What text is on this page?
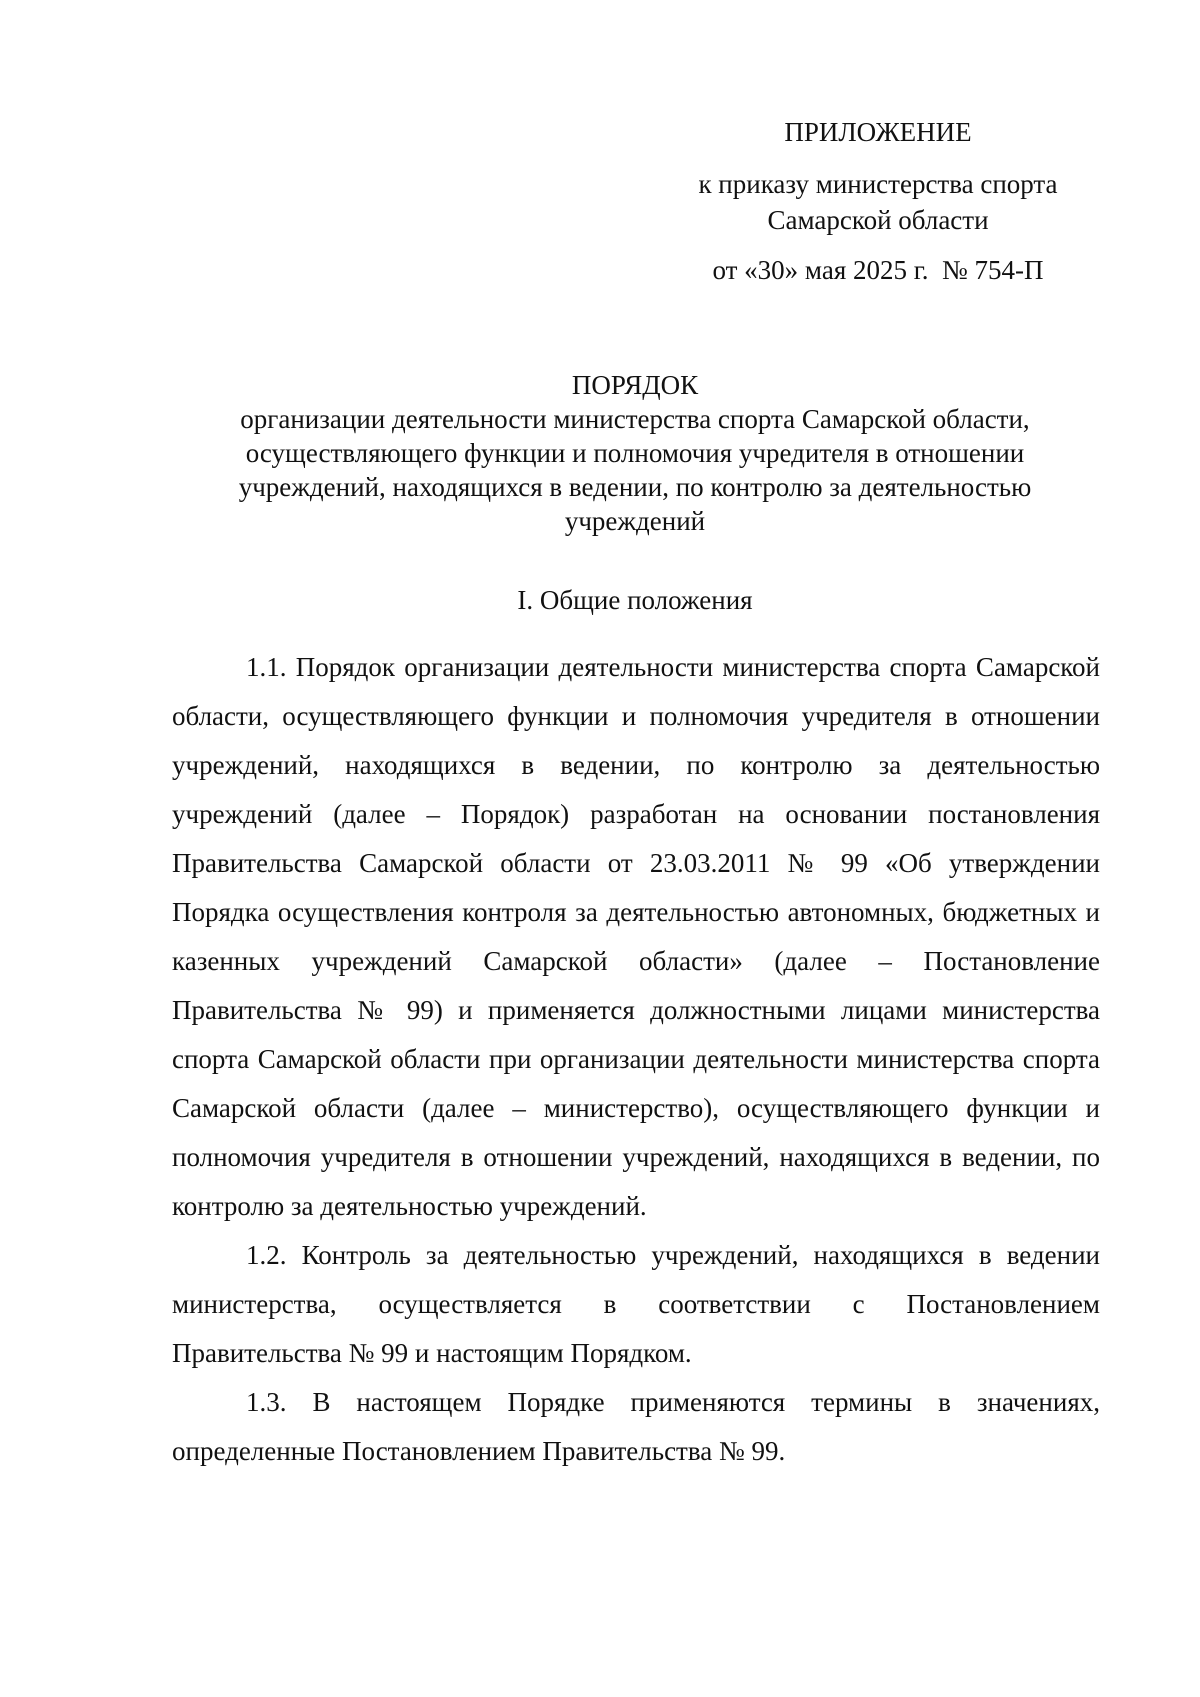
ПРИЛОЖЕНИЕ
к приказу министерства спорта
Самарской области
от «30» мая 2025 г.  № 754-П
ПОРЯДОК
организации деятельности министерства спорта Самарской области,
осуществляющего функции и полномочия учредителя в отношении
учреждений, находящихся в ведении, по контролю за деятельностью
учреждений
I. Общие положения

1.1. Порядок организации деятельности министерства спорта Самарской области, осуществляющего функции и полномочия учредителя в отношении учреждений, находящихся в ведении, по контролю за деятельностью учреждений (далее – Порядок) разработан на основании постановления Правительства Самарской области от 23.03.2011 № 99 «Об утверждении Порядка осуществления контроля за деятельностью автономных, бюджетных и казенных учреждений Самарской области» (далее – Постановление Правительства № 99) и применяется должностными лицами министерства спорта Самарской области при организации деятельности министерства спорта Самарской области (далее – министерство), осуществляющего функции и полномочия учредителя в отношении учреждений, находящихся в ведении, по контролю за деятельностью учреждений.

1.2. Контроль за деятельностью учреждений, находящихся в ведении министерства, осуществляется в соответствии с Постановлением Правительства № 99 и настоящим Порядком.

1.3. В настоящем Порядке применяются термины в значениях, определенные Постановлением Правительства № 99.
